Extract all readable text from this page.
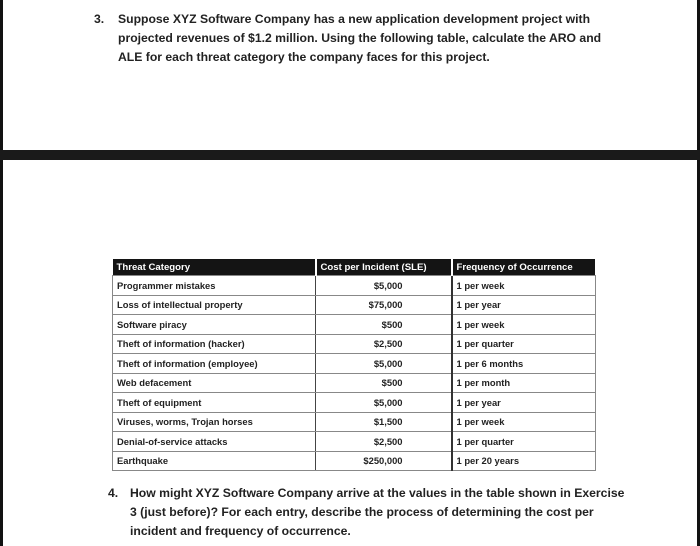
3. Suppose XYZ Software Company has a new application development project with projected revenues of $1.2 million. Using the following table, calculate the ARO and ALE for each threat category the company faces for this project.
Threat Category	Cost per Incident (SLE)	Frequency of Occurrence
Programmer mistakes	$5,000	1 per week
Loss of intellectual property	$75,000	1 per year
Software piracy	$500	1 per week
Theft of information (hacker)	$2,500	1 per quarter
Theft of information (employee)	$5,000	1 per 6 months
Web defacement	$500	1 per month
Theft of equipment	$5,000	1 per year
Viruses, worms, Trojan horses	$1,500	1 per week
Denial-of-service attacks	$2,500	1 per quarter
Earthquake	$250,000	1 per 20 years
4. How might XYZ Software Company arrive at the values in the table shown in Exercise 3 (just before)? For each entry, describe the process of determining the cost per incident and frequency of occurrence.
